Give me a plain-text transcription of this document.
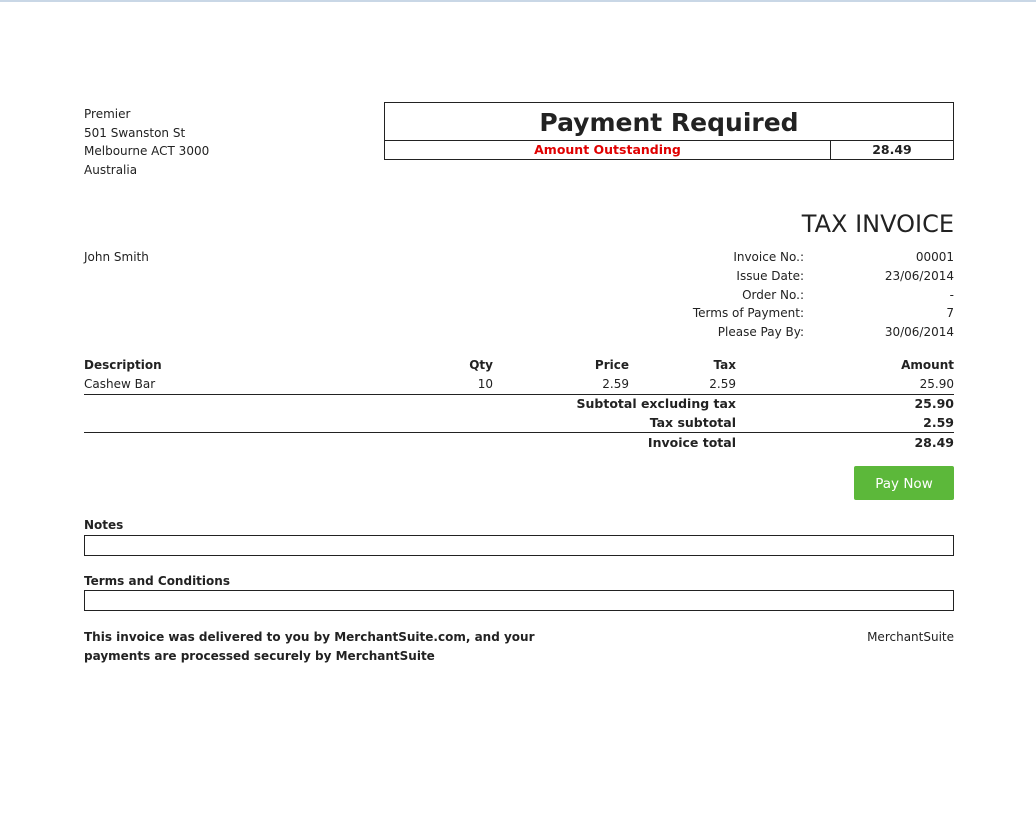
Premier
501 Swanston St
Melbourne ACT 3000
Australia
Payment Required
Amount Outstanding	28.49
TAX INVOICE
John Smith	Invoice No.:	00001
Issue Date:	23/06/2014
Order No.:	-
Terms of Payment:	7
Please Pay By:	30/06/2014
Description	Qty	Price	Tax	Amount
Cashew Bar	10	2.59	2.59	25.90
Subtotal excluding tax	25.90
Tax subtotal	2.59
Invoice total	28.49
Pay Now
Notes
Terms and Conditions
This invoice was delivered to you by MerchantSuite.com, and your
payments are processed securely by MerchantSuite
MerchantSuite
